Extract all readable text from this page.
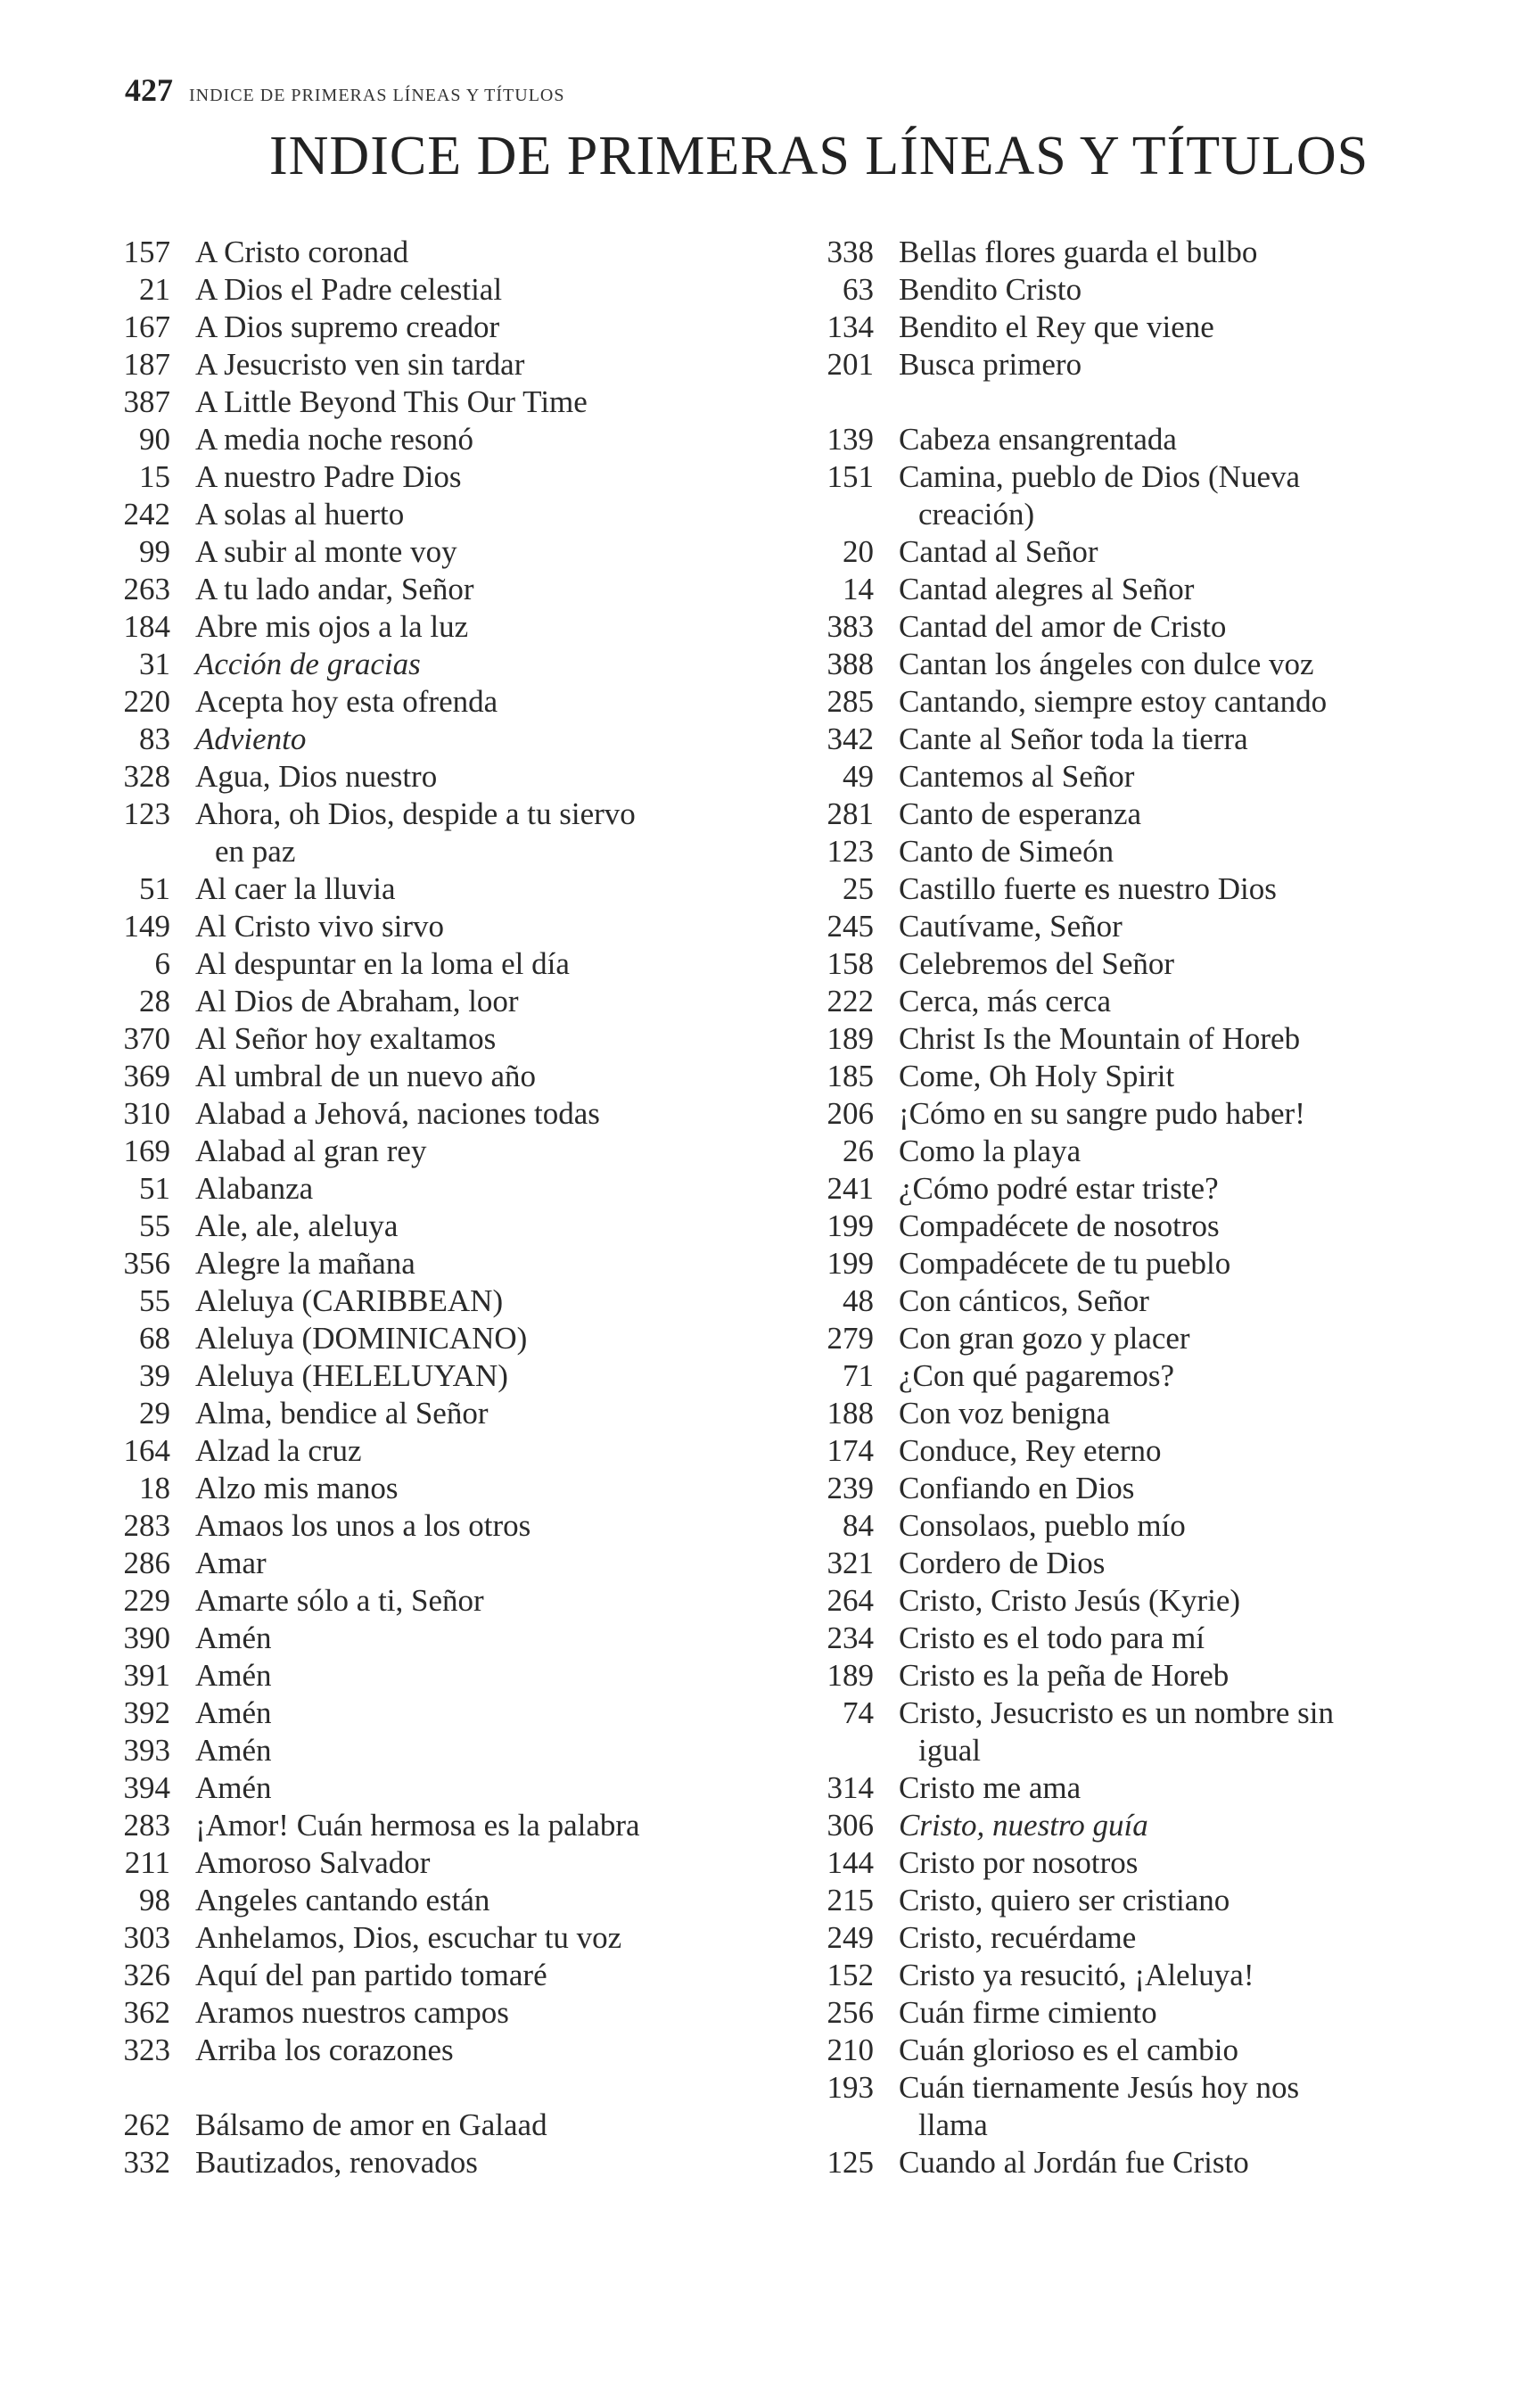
427 INDICE DE PRIMERAS LÍNEAS Y TÍTULOS
INDICE DE PRIMERAS LÍNEAS Y TÍTULOS
157 A Cristo coronad
21 A Dios el Padre celestial
167 A Dios supremo creador
187 A Jesucristo ven sin tardar
387 A Little Beyond This Our Time
90 A media noche resonó
15 A nuestro Padre Dios
242 A solas al huerto
99 A subir al monte voy
263 A tu lado andar, Señor
184 Abre mis ojos a la luz
31 Acción de gracias
220 Acepta hoy esta ofrenda
83 Adviento
328 Agua, Dios nuestro
123 Ahora, oh Dios, despide a tu siervo
en paz
51 Al caer la lluvia
149 Al Cristo vivo sirvo
6 Al despuntar en la loma el día
28 Al Dios de Abraham, loor
370 Al Señor hoy exaltamos
369 Al umbral de un nuevo año
310 Alabad a Jehová, naciones todas
169 Alabad al gran rey
51 Alabanza
55 Ale, ale, aleluya
356 Alegre la mañana
55 Aleluya (CARIBBEAN)
68 Aleluya (DOMINICANO)
39 Aleluya (HELELUYAN)
29 Alma, bendice al Señor
164 Alzad la cruz
18 Alzo mis manos
283 Amaos los unos a los otros
286 Amar
229 Amarte sólo a ti, Señor
390 Amén
391 Amén
392 Amén
393 Amén
394 Amén
283 ¡Amor! Cuán hermosa es la palabra
211 Amoroso Salvador
98 Angeles cantando están
303 Anhelamos, Dios, escuchar tu voz
326 Aquí del pan partido tomaré
362 Aramos nuestros campos
323 Arriba los corazones
262 Bálsamo de amor en Galaad
332 Bautizados, renovados
338 Bellas flores guarda el bulbo
63 Bendito Cristo
134 Bendito el Rey que viene
201 Busca primero
139 Cabeza ensangrentada
151 Camina, pueblo de Dios (Nueva
creación)
20 Cantad al Señor
14 Cantad alegres al Señor
383 Cantad del amor de Cristo
388 Cantan los ángeles con dulce voz
285 Cantando, siempre estoy cantando
342 Cante al Señor toda la tierra
49 Cantemos al Señor
281 Canto de esperanza
123 Canto de Simeón
25 Castillo fuerte es nuestro Dios
245 Cautívame, Señor
158 Celebremos del Señor
222 Cerca, más cerca
189 Christ Is the Mountain of Horeb
185 Come, Oh Holy Spirit
206 ¡Cómo en su sangre pudo haber!
26 Como la playa
241 ¿Cómo podré estar triste?
199 Compadécete de nosotros
199 Compadécete de tu pueblo
48 Con cánticos, Señor
279 Con gran gozo y placer
71 ¿Con qué pagaremos?
188 Con voz benigna
174 Conduce, Rey eterno
239 Confiando en Dios
84 Consolaos, pueblo mío
321 Cordero de Dios
264 Cristo, Cristo Jesús (Kyrie)
234 Cristo es el todo para mí
189 Cristo es la peña de Horeb
74 Cristo, Jesucristo es un nombre sin
igual
314 Cristo me ama
306 Cristo, nuestro guía
144 Cristo por nosotros
215 Cristo, quiero ser cristiano
249 Cristo, recuérdame
152 Cristo ya resucitó, ¡Aleluya!
256 Cuán firme cimiento
210 Cuán glorioso es el cambio
193 Cuán tiernamente Jesús hoy nos
llama
125 Cuando al Jordán fue Cristo
